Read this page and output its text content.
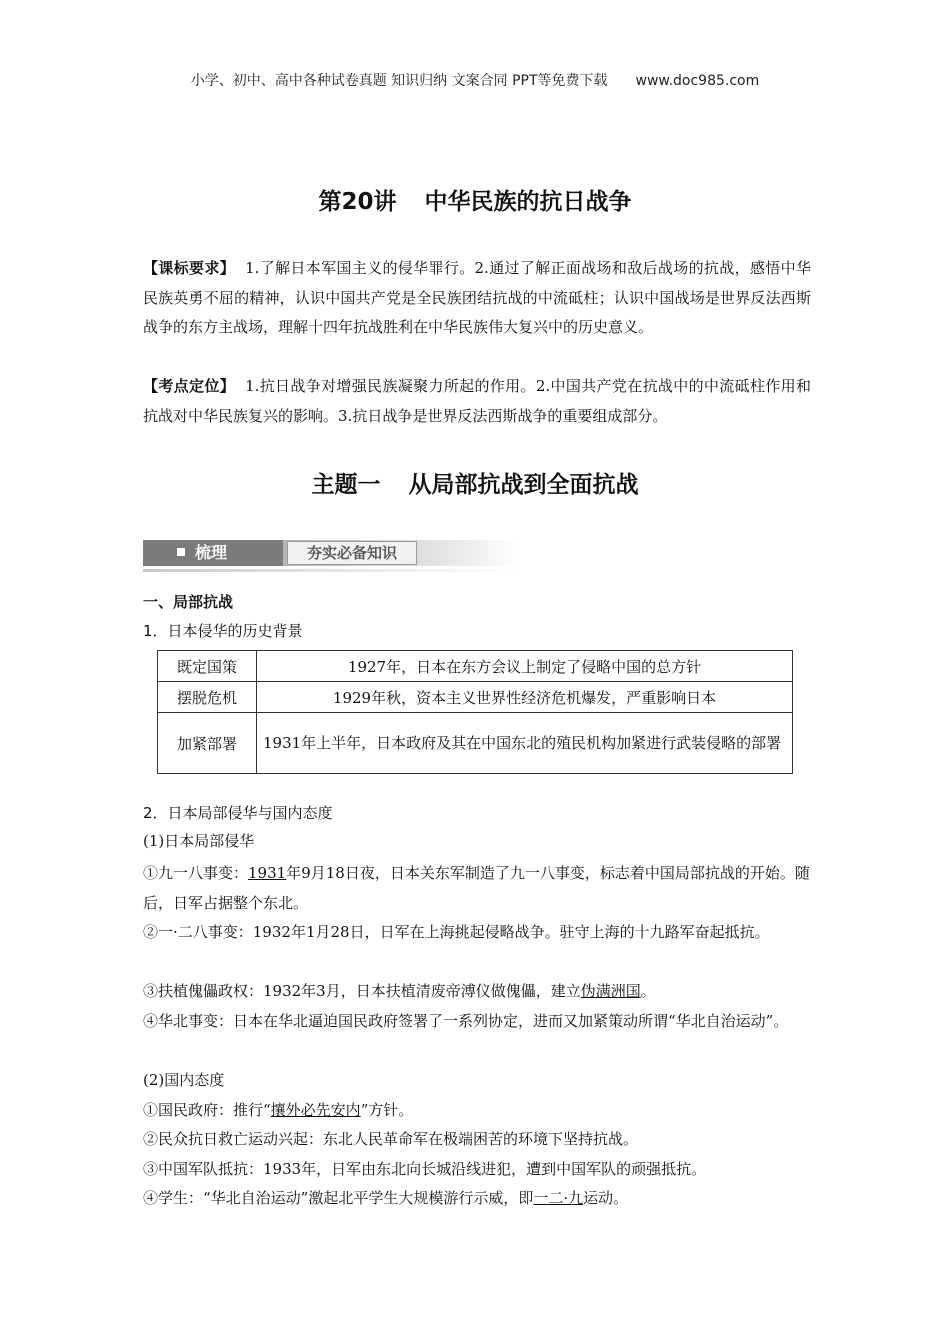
小学、初中、高中各种试卷真题 知识归纳 文案合同 PPT等免费下载 www.doc985.com
第20讲 中华民族的抗日战争
【课标要求】 1.了解日本军国主义的侵华罪行。2.通过了解正面战场和敌后战场的抗战，感悟中华民族英勇不屈的精神，认识中国共产党是全民族团结抗战的中流砥柱；认识中国战场是世界反法西斯战争的东方主战场，理解十四年抗战胜利在中华民族伟大复兴中的历史意义。
【考点定位】 1.抗日战争对增强民族凝聚力所起的作用。2.中国共产党在抗战中的中流砥柱作用和抗战对中华民族复兴的影响。3.抗日战争是世界反法西斯战争的重要组成部分。
主题一 从局部抗战到全面抗战
梳理	夯实必备知识
一、局部抗战
1．日本侵华的历史背景
既定国策	1927年，日本在东方会议上制定了侵略中国的总方针
摆脱危机	1929年秋，资本主义世界性经济危机爆发，严重影响日本
加紧部署	1931年上半年，日本政府及其在中国东北的殖民机构加紧进行武装侵略的部署
2．日本局部侵华与国内态度
(1)日本局部侵华
①九一八事变：1931年9月18日夜，日本关东军制造了九一八事变，标志着中国局部抗战的开始。随后，日军占据整个东北。
②一·二八事变：1932年1月28日，日军在上海挑起侵略战争。驻守上海的十九路军奋起抵抗。
③扶植傀儡政权：1932年3月，日本扶植清废帝溥仪做傀儡，建立伪满洲国。
④华北事变：日本在华北逼迫国民政府签署了一系列协定，进而又加紧策动所谓“华北自治运动”。
(2)国内态度
①国民政府：推行“攘外必先安内”方针。
②民众抗日救亡运动兴起：东北人民革命军在极端困苦的环境下坚持抗战。
③中国军队抵抗：1933年，日军由东北向长城沿线进犯，遭到中国军队的顽强抵抗。
④学生：“华北自治运动”激起北平学生大规模游行示威，即一二·九运动。
